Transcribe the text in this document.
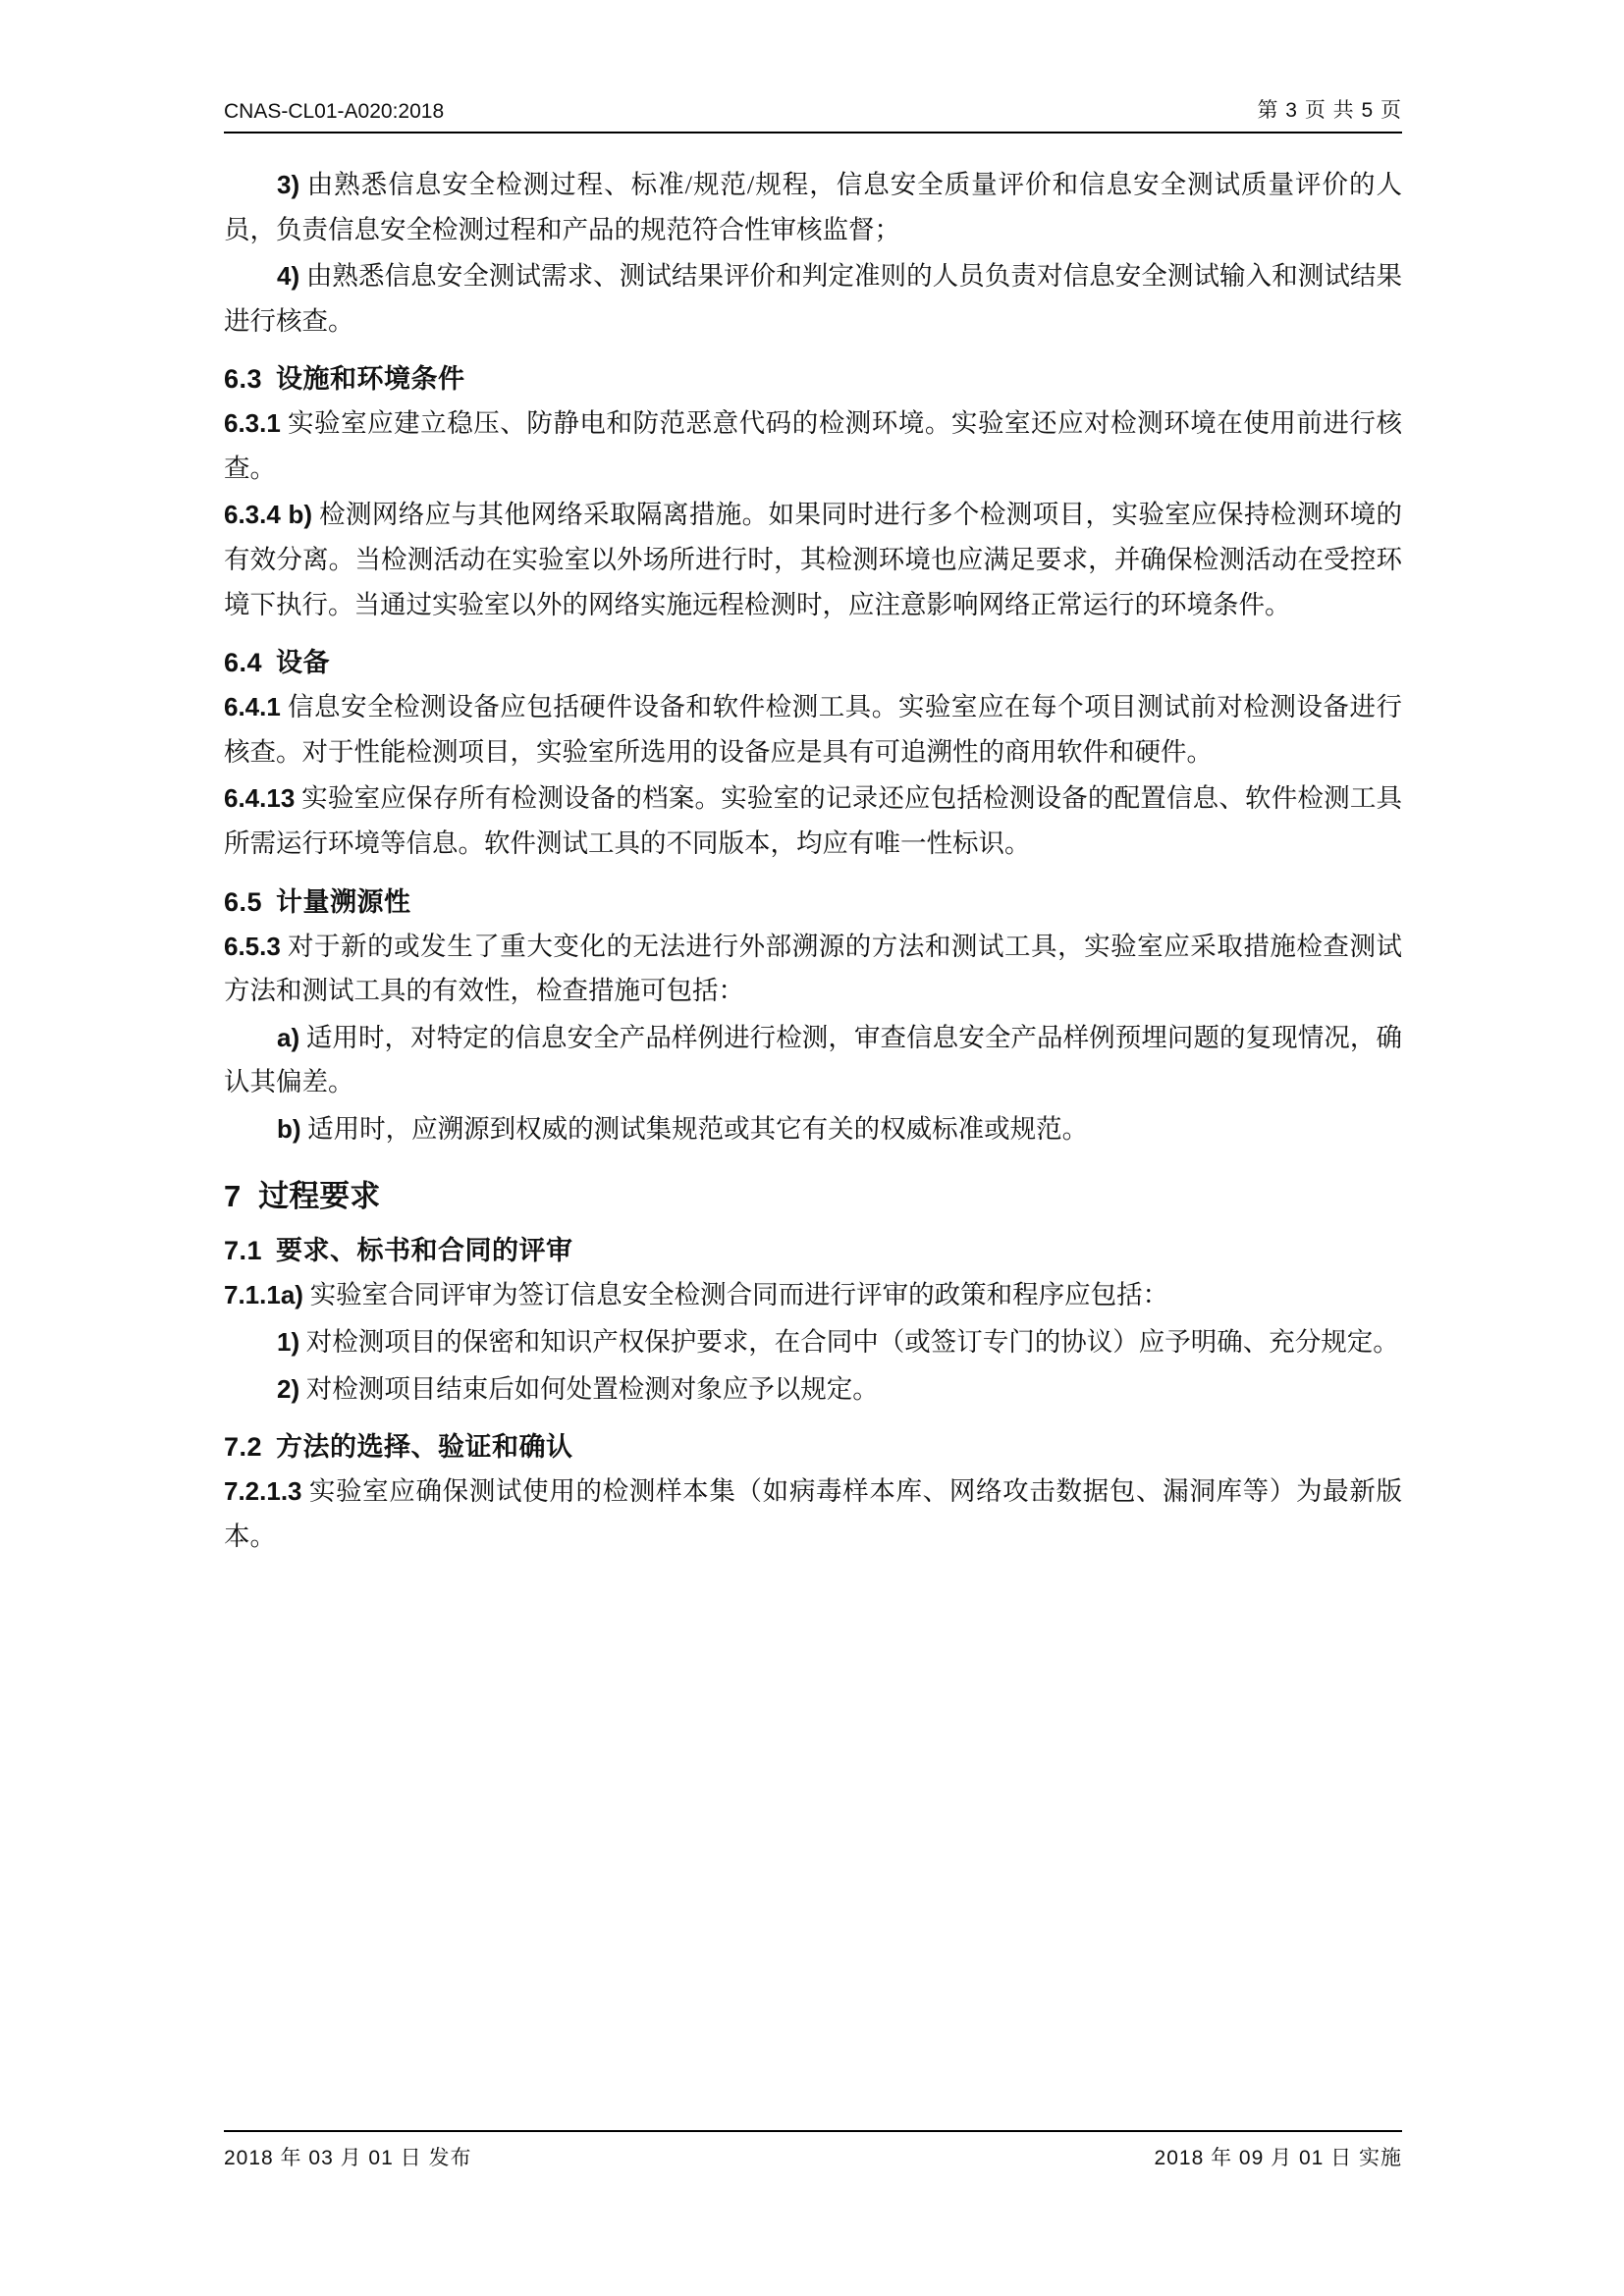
CNAS-CL01-A020:2018	第 3 页 共 5 页

3) 由熟悉信息安全检测过程、标准/规范/规程，信息安全质量评价和信息安全测试质量评价的人员，负责信息安全检测过程和产品的规范符合性审核监督；

4) 由熟悉信息安全测试需求、测试结果评价和判定准则的人员负责对信息安全测试输入和测试结果进行核查。

6.3 设施和环境条件

6.3.1 实验室应建立稳压、防静电和防范恶意代码的检测环境。实验室还应对检测环境在使用前进行核查。

6.3.4 b) 检测网络应与其他网络采取隔离措施。如果同时进行多个检测项目，实验室应保持检测环境的有效分离。当检测活动在实验室以外场所进行时，其检测环境也应满足要求，并确保检测活动在受控环境下执行。当通过实验室以外的网络实施远程检测时，应注意影响网络正常运行的环境条件。

6.4 设备

6.4.1 信息安全检测设备应包括硬件设备和软件检测工具。实验室应在每个项目测试前对检测设备进行核查。对于性能检测项目，实验室所选用的设备应是具有可追溯性的商用软件和硬件。

6.4.13 实验室应保存所有检测设备的档案。实验室的记录还应包括检测设备的配置信息、软件检测工具所需运行环境等信息。软件测试工具的不同版本，均应有唯一性标识。

6.5 计量溯源性

6.5.3 对于新的或发生了重大变化的无法进行外部溯源的方法和测试工具，实验室应采取措施检查测试方法和测试工具的有效性，检查措施可包括：

a) 适用时，对特定的信息安全产品样例进行检测，审查信息安全产品样例预埋问题的复现情况，确认其偏差。

b) 适用时，应溯源到权威的测试集规范或其它有关的权威标准或规范。

7 过程要求
7.1 要求、标书和合同的评审

7.1.1a) 实验室合同评审为签订信息安全检测合同而进行评审的政策和程序应包括：

1) 对检测项目的保密和知识产权保护要求，在合同中（或签订专门的协议）应予明确、充分规定。

2) 对检测项目结束后如何处置检测对象应予以规定。

7.2 方法的选择、验证和确认

7.2.1.3 实验室应确保测试使用的检测样本集（如病毒样本库、网络攻击数据包、漏洞库等）为最新版本。

2018 年 03 月 01 日 发布	2018 年 09 月 01 日 实施
